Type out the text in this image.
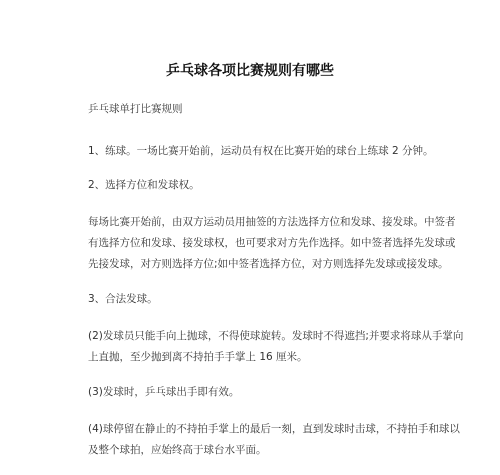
乒乓球各项比赛规则有哪些

乒乓球单打比赛规则

1、练球。一场比赛开始前，运动员有权在比赛开始的球台上练球 2 分钟。

2、选择方位和发球权。

每场比赛开始前，由双方运动员用抽签的方法选择方位和发球、接发球。中签者有选择方位和发球、接发球权，也可要求对方先作选择。如中签者选择先发球或先接发球，对方则选择方位;如中签者选择方位，对方则选择先发球或接发球。

3、合法发球。

(2)发球员只能手向上抛球，不得使球旋转。发球时不得遮挡;并要求将球从手掌向上直抛，至少抛到离不持拍手手掌上 16 厘米。

(3)发球时，乒乓球出手即有效。

(4)球停留在静止的不持拍手掌上的最后一刻，直到发球时击球，不持拍手和球以及整个球拍，应始终高于球台水平面。
